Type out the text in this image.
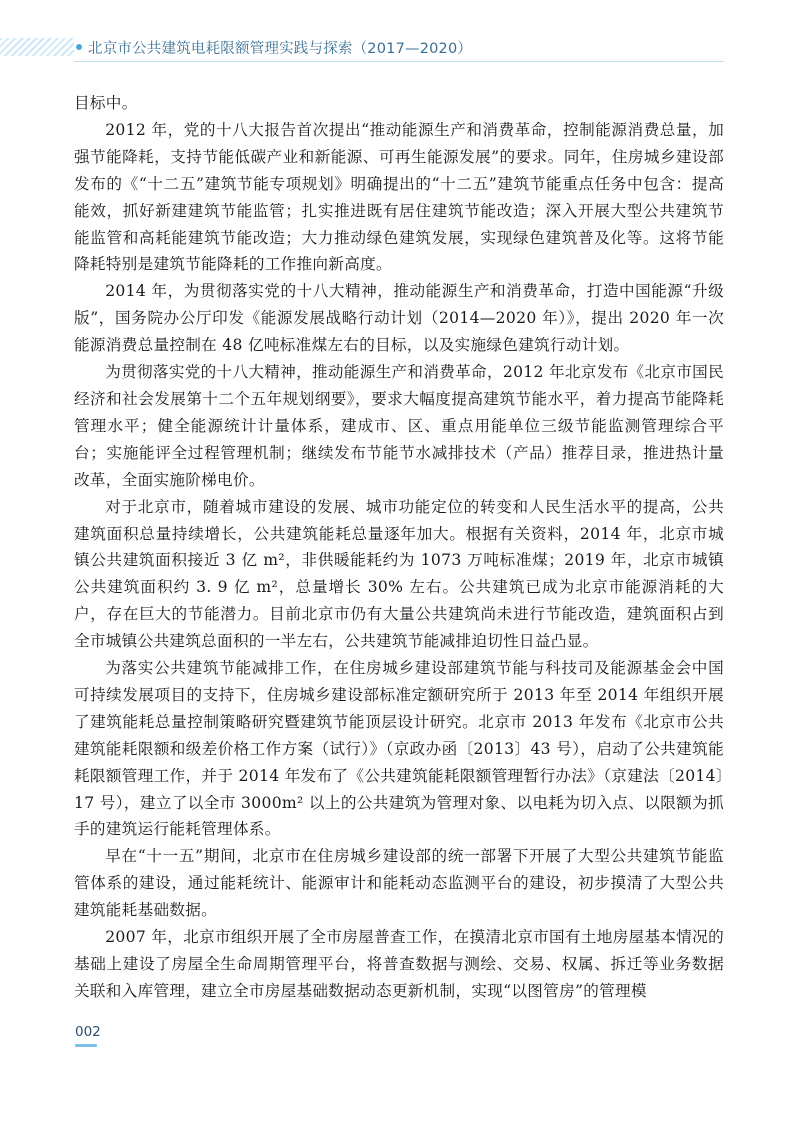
北京市公共建筑电耗限额管理实践与探索（2017—2020）

目标中。

2012 年，党的十八大报告首次提出“推动能源生产和消费革命，控制能源消费总量，加强节能降耗，支持节能低碳产业和新能源、可再生能源发展”的要求。同年，住房城乡建设部发布的《“十二五”建筑节能专项规划》明确提出的“十二五”建筑节能重点任务中包含：提高能效，抓好新建建筑节能监管；扎实推进既有居住建筑节能改造；深入开展大型公共建筑节能监管和高耗能建筑节能改造；大力推动绿色建筑发展，实现绿色建筑普及化等。这将节能降耗特别是建筑节能降耗的工作推向新高度。

2014 年，为贯彻落实党的十八大精神，推动能源生产和消费革命，打造中国能源“升级版”，国务院办公厅印发《能源发展战略行动计划（2014—2020 年）》，提出 2020 年一次能源消费总量控制在 48 亿吨标准煤左右的目标，以及实施绿色建筑行动计划。

为贯彻落实党的十八大精神，推动能源生产和消费革命，2012 年北京发布《北京市国民经济和社会发展第十二个五年规划纲要》，要求大幅度提高建筑节能水平，着力提高节能降耗管理水平；健全能源统计计量体系，建成市、区、重点用能单位三级节能监测管理综合平台；实施能评全过程管理机制；继续发布节能节水减排技术（产品）推荐目录，推进热计量改革，全面实施阶梯电价。

对于北京市，随着城市建设的发展、城市功能定位的转变和人民生活水平的提高，公共建筑面积总量持续增长，公共建筑能耗总量逐年加大。根据有关资料，2014 年，北京市城镇公共建筑面积接近 3 亿 m²，非供暖能耗约为 1073 万吨标准煤；2019 年，北京市城镇公共建筑面积约 3. 9 亿 m²，总量增长 30% 左右。公共建筑已成为北京市能源消耗的大户，存在巨大的节能潜力。目前北京市仍有大量公共建筑尚未进行节能改造，建筑面积占到全市城镇公共建筑总面积的一半左右，公共建筑节能减排迫切性日益凸显。

为落实公共建筑节能减排工作，在住房城乡建设部建筑节能与科技司及能源基金会中国可持续发展项目的支持下，住房城乡建设部标准定额研究所于 2013 年至 2014 年组织开展了建筑能耗总量控制策略研究暨建筑节能顶层设计研究。北京市 2013 年发布《北京市公共建筑能耗限额和级差价格工作方案（试行）》（京政办函〔2013〕43 号），启动了公共建筑能耗限额管理工作，并于 2014 年发布了《公共建筑能耗限额管理暂行办法》（京建法〔2014〕17 号），建立了以全市 3000m² 以上的公共建筑为管理对象、以电耗为切入点、以限额为抓手的建筑运行能耗管理体系。

早在“十一五”期间，北京市在住房城乡建设部的统一部署下开展了大型公共建筑节能监管体系的建设，通过能耗统计、能源审计和能耗动态监测平台的建设，初步摸清了大型公共建筑能耗基础数据。

2007 年，北京市组织开展了全市房屋普查工作，在摸清北京市国有土地房屋基本情况的基础上建设了房屋全生命周期管理平台，将普查数据与测绘、交易、权属、拆迁等业务数据关联和入库管理，建立全市房屋基础数据动态更新机制，实现“以图管房”的管理模

002
